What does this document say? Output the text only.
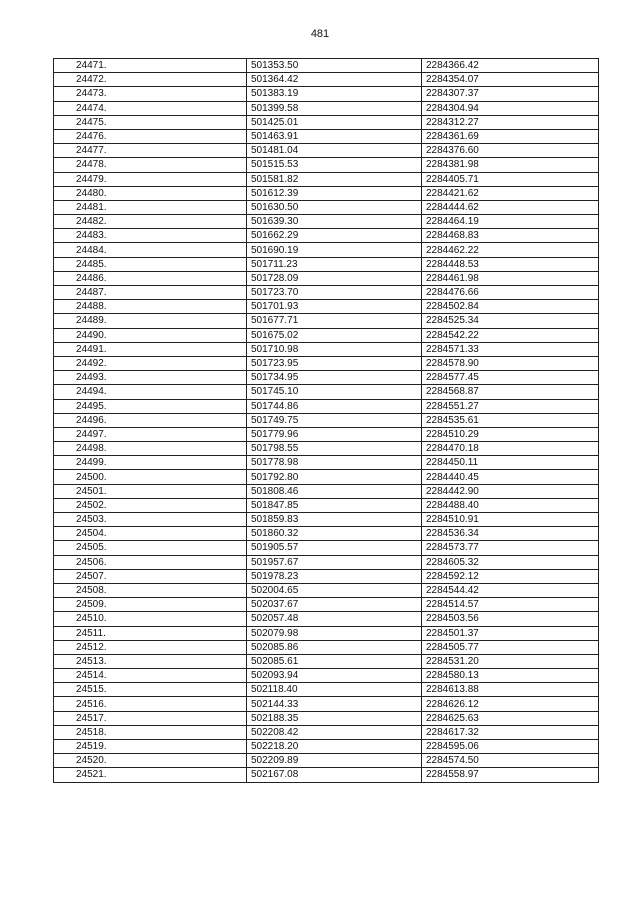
481
24471.	501353.50	2284366.42
24472.	501364.42	2284354.07
24473.	501383.19	2284307.37
24474.	501399.58	2284304.94
24475.	501425.01	2284312.27
24476.	501463.91	2284361.69
24477.	501481.04	2284376.60
24478.	501515.53	2284381.98
24479.	501581.82	2284405.71
24480.	501612.39	2284421.62
24481.	501630.50	2284444.62
24482.	501639.30	2284464.19
24483.	501662.29	2284468.83
24484.	501690.19	2284462.22
24485.	501711.23	2284448.53
24486.	501728.09	2284461.98
24487.	501723.70	2284476.66
24488.	501701.93	2284502.84
24489.	501677.71	2284525.34
24490.	501675.02	2284542.22
24491.	501710.98	2284571.33
24492.	501723.95	2284578.90
24493.	501734.95	2284577.45
24494.	501745.10	2284568.87
24495.	501744.86	2284551.27
24496.	501749.75	2284535.61
24497.	501779.96	2284510.29
24498.	501798.55	2284470.18
24499.	501778.98	2284450.11
24500.	501792.80	2284440.45
24501.	501808.46	2284442.90
24502.	501847.85	2284488.40
24503.	501859.83	2284510.91
24504.	501860.32	2284536.34
24505.	501905.57	2284573.77
24506.	501957.67	2284605.32
24507.	501978.23	2284592.12
24508.	502004.65	2284544.42
24509.	502037.67	2284514.57
24510.	502057.48	2284503.56
24511.	502079.98	2284501.37
24512.	502085.86	2284505.77
24513.	502085.61	2284531.20
24514.	502093.94	2284580.13
24515.	502118.40	2284613.88
24516.	502144.33	2284626.12
24517.	502188.35	2284625.63
24518.	502208.42	2284617.32
24519.	502218.20	2284595.06
24520.	502209.89	2284574.50
24521.	502167.08	2284558.97
